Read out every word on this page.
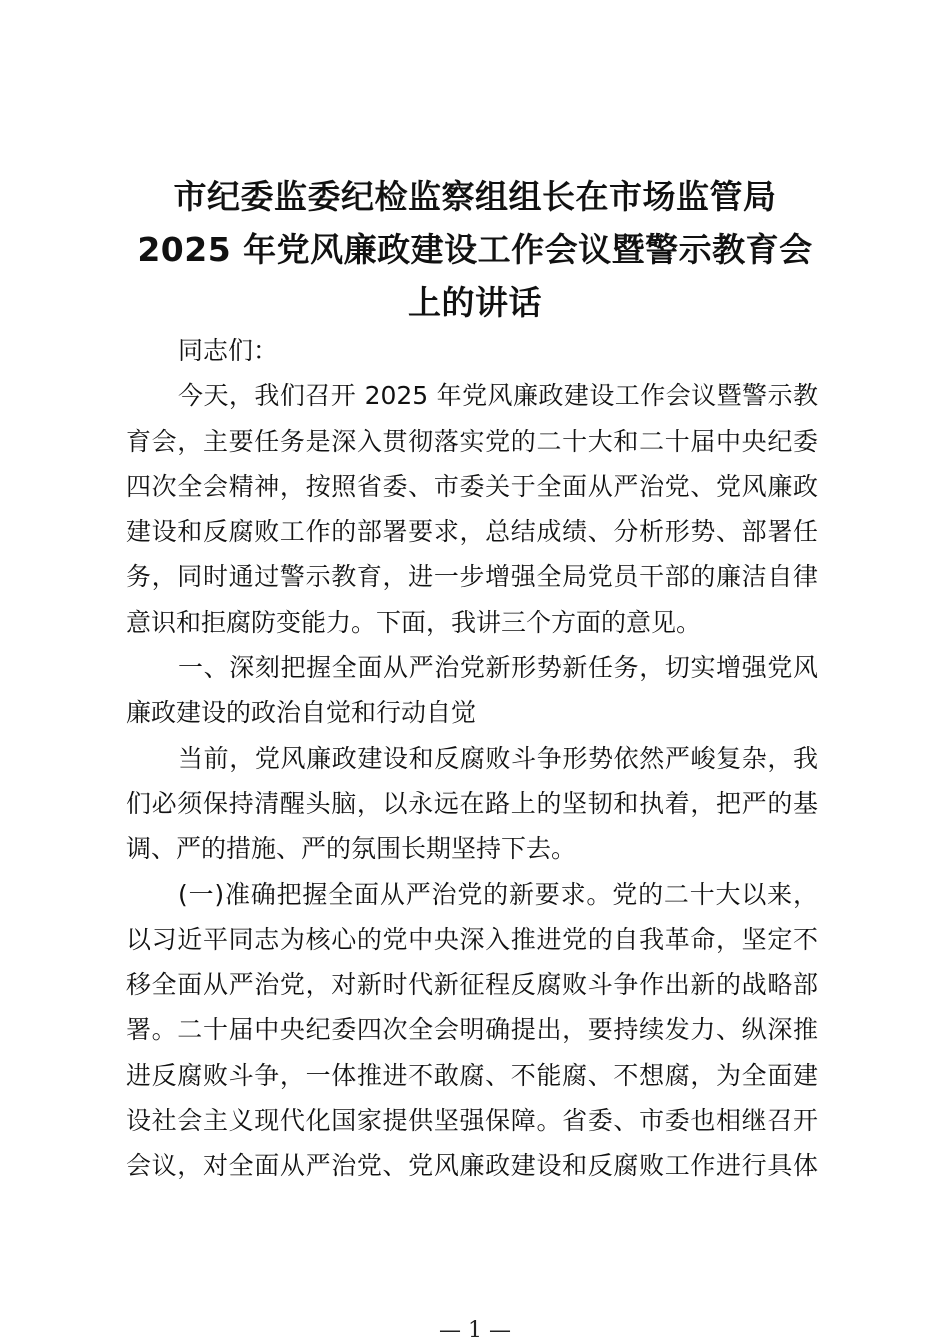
市纪委监委纪检监察组组长在市场监管局
2025 年党风廉政建设工作会议暨警示教育会
上的讲话
同志们：
今天，我们召开 2025 年党风廉政建设工作会议暨警示教
育会，主要任务是深入贯彻落实党的二十大和二十届中央纪委
四次全会精神，按照省委、市委关于全面从严治党、党风廉政
建设和反腐败工作的部署要求，总结成绩、分析形势、部署任
务，同时通过警示教育，进一步增强全局党员干部的廉洁自律
意识和拒腐防变能力。下面，我讲三个方面的意见。
一、深刻把握全面从严治党新形势新任务，切实增强党风
廉政建设的政治自觉和行动自觉
当前，党风廉政建设和反腐败斗争形势依然严峻复杂，我
们必须保持清醒头脑，以永远在路上的坚韧和执着，把严的基
调、严的措施、严的氛围长期坚持下去。
(一)准确把握全面从严治党的新要求。党的二十大以来，
以习近平同志为核心的党中央深入推进党的自我革命，坚定不
移全面从严治党，对新时代新征程反腐败斗争作出新的战略部
署。二十届中央纪委四次全会明确提出，要持续发力、纵深推
进反腐败斗争，一体推进不敢腐、不能腐、不想腐，为全面建
设社会主义现代化国家提供坚强保障。省委、市委也相继召开
会议，对全面从严治党、党风廉政建设和反腐败工作进行具体
— 1 —
